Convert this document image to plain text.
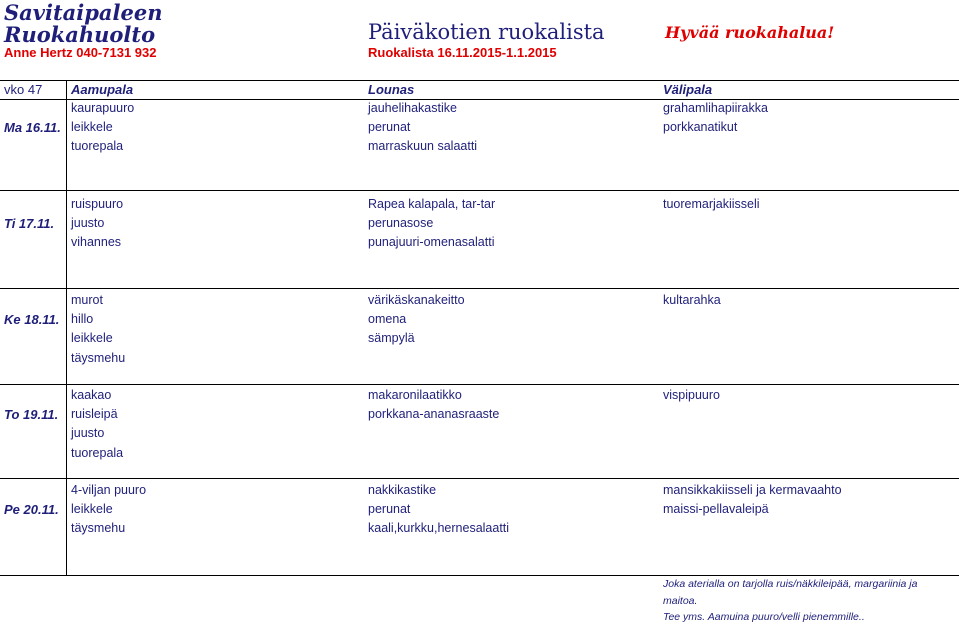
Savitaipaleen
Ruokahuolto
Anne Hertz 040-7131 932
Päiväkotien ruokalista
Ruokalista 16.11.2015-1.1.2015
Hyvää ruokahalua!
vko 47 Aamupala	Lounas	Välipala
Ma 16.11.
kaurapuuro
leikkele
tuorepala
jauhelihakastike
perunat
marraskuun salaatti
grahamlihapiirakka
porkkanatikut
Ti 17.11.
ruispuuro
juusto
vihannes
Rapea kalapala, tar-tar
perunasose
punajuuri-omenasalatti
tuoremarjakiisseli
Ke 18.11.
murot
hillo
leikkele
täysmehu
värikäskanakeitto
omena
sämpylä
kultarahka
To 19.11.
kaakao
ruisleipä
juusto
tuorepala
makaronilaatikko
porkkana-ananasraaste
vispipuuro
Pe 20.11.
4-viljan puuro
leikkele
täysmehu
nakkikastike
perunat
kaali,kurkku,hernesalaatti
mansikkakiisseli ja kermavaahto
maissi-pellavaleipä
Joka aterialla on tarjolla ruis/näkkileipää, margariinia ja
maitoa.
Tee yms. Aamuina puuro/velli pienemmille..
